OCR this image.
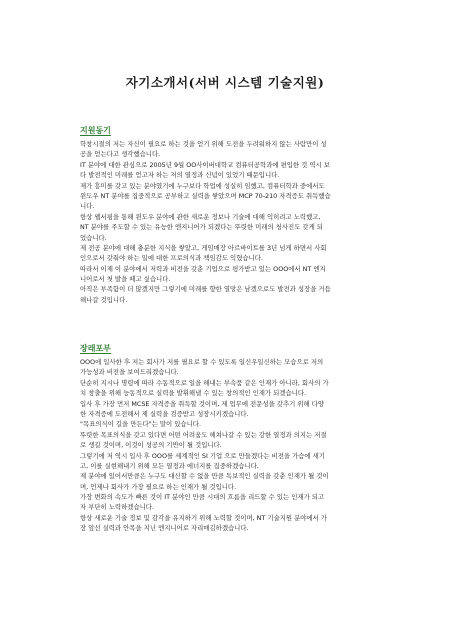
자기소개서(서버 시스템 기술지원)
지원동기
학창시절의 저는 자신이 필요로 하는 것을 얻기 위해 도전을 두려워하지 않는 사람만이 성
공을 얻는다고 생각했습니다.
IT 분야에 대한 관심으로 2005년 9월 OO사이버대학교 컴퓨터공학과에 편입한 것 역시 보
다 발전적인 미래를 얻고자 하는 저의 열정과 신념이 있었기 때문입니다.
제가 흥미를 갖고 있는 분야였기에 누구보다 학업에 성실히 임했고, 컴퓨터학과 중에서도
윈도우 NT 분야를 집중적으로 공부하고 실력을 쌓았으며 MCP 70-210 자격증도 취득했습
니다.
항상 웹서핑을 통해 윈도우 분야에 관한 새로운 정보나 기술에 대해 익히려고 노력했고,
NT 분야를 주도할 수 있는 유능한 엔지니어가 되겠다는 뚜렷한 미래의 청사진도 갖게 되
었습니다.
제 전공 분야에 대해 충분한 지식을 쌓았고, 게임매장 아르바이트를 3년 넘게 하면서 사회
인으로서 갖춰야 하는 일에 대한 프로의식과 책임감도 익혔습니다.
따라서 이제 이 분야에서 저력과 비전을 갖춘 기업으로 평가받고 있는 OOO에서 NT 엔지
니어로서 첫 발을 떼고 싶습니다.
아직은 부족함이 더 많겠지만 그렇기에 미래를 향한 열망은 남겠으로도 발전과 성장을 거듭
해나갈 것입니다.
장래포부
OOO에 입사한 후 저는 회사가 저를 필요로 할 수 있도록 일신우일신하는 모습으로 저의
가능성과 비전을 보여드리겠습니다.
단순히 지시나 명령에 따라 수동적으로 일을 해내는 부속품 같은 인재가 아니라, 회사의 가
치 창출을 위해 능동적으로 실력을 발휘해낼 수 있는 창의적인 인재가 되겠습니다.
입사 후 가장 먼저 MCSE 자격증을 취득할 것이며, 제 업무에 전문성을 갖추기 위해 다양
한 자격증에 도전해서 제 실력을 검증받고 성장시키겠습니다.
"목표의식이 길을 만든다"는 말이 있습니다.
뚜렷한 목표의식을 갖고 있다면 어떤 어려움도 헤쳐나갈 수 있는 강한 열정과 의지는 저절
로 생길 것이며, 이것이 성공의 기반이 될 것입니다.
그렇기에 저 역시 입사 후 OOO를 세계적인 SI 기업 으로 만들겠다는 비전을 가슴에 새기
고, 이를 실현해내기 위해 모든 열정과 에너지를 집중하겠습니다.
제 분야에 있어서만큼은 누구도 대신할 수 없을 만큼 독보적인 실력을 갖춘 인재가 될 것이
며, 언제나 회사가 가장 필요로 하는 인재가 될 것입니다.
가장 변화의 속도가 빠른 것이 IT 분야인 만큼 시대의 흐름을 리드할 수 있는 인재가 되고
자 부단히 노력하겠습니다.
항상 새로운 기술 정보 및 감각을 유지하기 위해 노력할 것이며, NT 기술지원 분야에서 가
장 앞선 실력과 안목을 지닌 엔지니어로 자리매김하겠습니다.
